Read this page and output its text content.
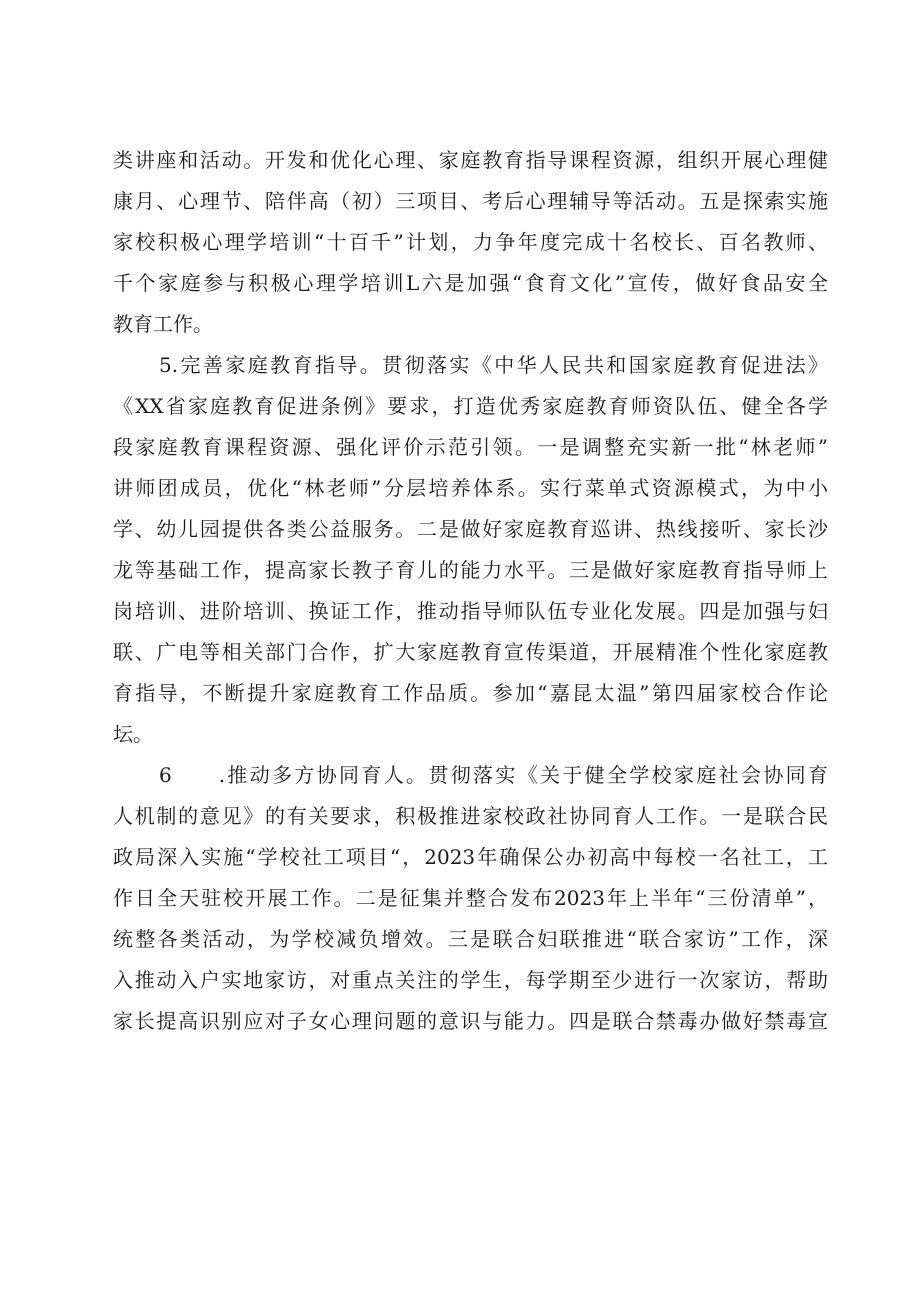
类讲座和活动。开发和优化心理、家庭教育指导课程资源，组织开展心理健
康月、心理节、陪伴高（初）三项目、考后心理辅导等活动。五是探索实施
家校积极心理学培训“十百千”计划，力争年度完成十名校长、百名教师、
千个家庭参与积极心理学培训L六是加强“食育文化”宣传，做好食品安全
教育工作。
5.完善家庭教育指导。贯彻落实《中华人民共和国家庭教育促进法》
《XX省家庭教育促进条例》要求，打造优秀家庭教育师资队伍、健全各学
段家庭教育课程资源、强化评价示范引领。一是调整充实新一批“林老师”
讲师团成员，优化“林老师”分层培养体系。实行菜单式资源模式，为中小
学、幼儿园提供各类公益服务。二是做好家庭教育巡讲、热线接听、家长沙
龙等基础工作，提高家长教子育儿的能力水平。三是做好家庭教育指导师上
岗培训、进阶培训、换证工作，推动指导师队伍专业化发展。四是加强与妇
联、广电等相关部门合作，扩大家庭教育宣传渠道，开展精准个性化家庭教
育指导，不断提升家庭教育工作品质。参加“嘉昆太温”第四届家校合作论
坛。
6　　.推动多方协同育人。贯彻落实《关于健全学校家庭社会协同育
人机制的意见》的有关要求，积极推进家校政社协同育人工作。一是联合民
政局深入实施“学校社工项目“，2023年确保公办初高中每校一名社工，工
作日全天驻校开展工作。二是征集并整合发布2023年上半年“三份清单”，
统整各类活动，为学校减负增效。三是联合妇联推进“联合家访”工作，深
入推动入户实地家访，对重点关注的学生，每学期至少进行一次家访，帮助
家长提高识别应对子女心理问题的意识与能力。四是联合禁毒办做好禁毒宣
